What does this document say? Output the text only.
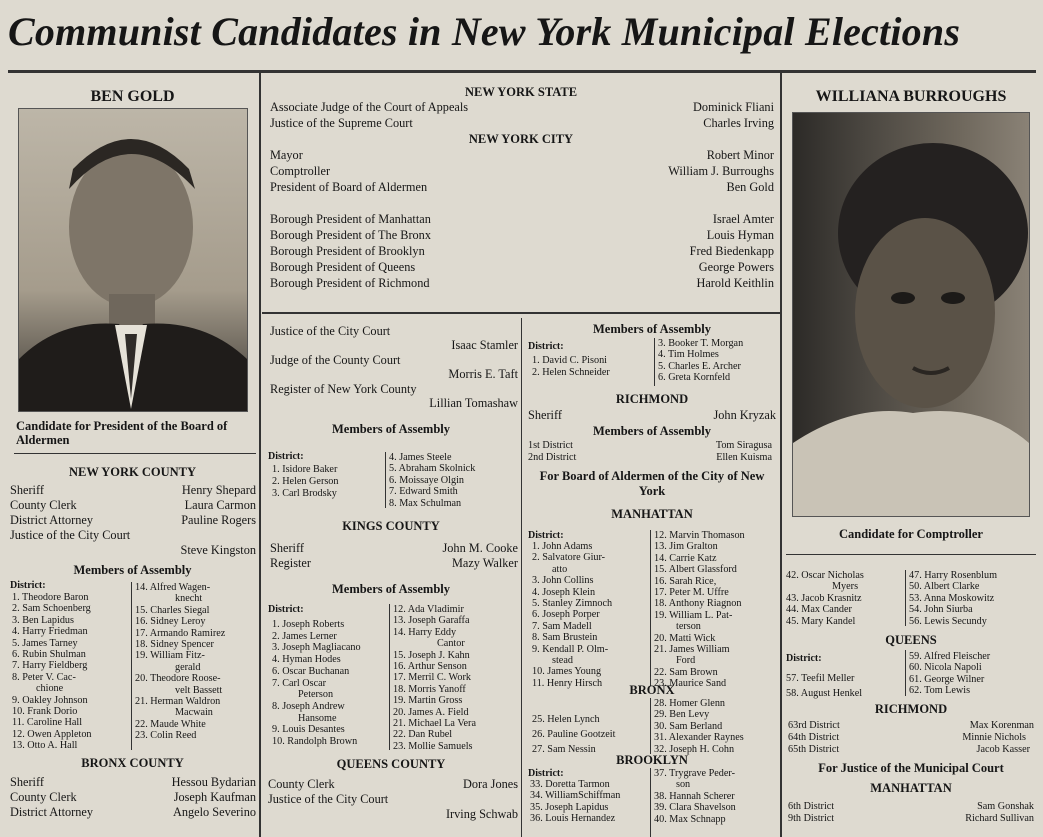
Communist Candidates in New York Municipal Elections
BEN GOLD
Candidate for President of the Board of Aldermen
NEW YORK COUNTY
Sheriff	Henry Shepard
County Clerk	Laura Carmon
District Attorney	Pauline Rogers
Justice of the City Court
Steve Kingston
Members of Assembly
District:
1. Theodore Baron
2. Sam Schoenberg
3. Ben Lapidus
4. Harry Friedman
5. James Tarney
6. Rubin Shulman
7. Harry Fieldberg
8. Peter V. Cac-
chione
9. Oakley Johnson
10. Frank Dorio
11. Caroline Hall
12. Owen Appleton
13. Otto A. Hall
14. Alfred Wagen-
knecht
15. Charles Siegal
16. Sidney Leroy
17. Armando Ramirez
18. Sidney Spencer
19. William Fitz-
gerald
20. Theodore Roose-
velt Bassett
21. Herman Waldron
Macwain
22. Maude White
23. Colin Reed
BRONX COUNTY
Sheriff	Hessou Bydarian
County Clerk	Joseph Kaufman
District Attorney	Angelo Severino
NEW YORK STATE
Associate Judge of the Court of Appeals	Dominick Fliani
Justice of the Supreme Court	Charles Irving
NEW YORK CITY
Mayor	Robert Minor
Comptroller	William J. Burroughs
President of Board of Aldermen	Ben Gold
Borough President of Manhattan	Israel Amter
Borough President of The Bronx	Louis Hyman
Borough President of Brooklyn	Fred Biedenkapp
Borough President of Queens	George Powers
Borough President of Richmond	Harold Keithlin
Justice of the City Court
Isaac Stamler
Judge of the County Court
Morris E. Taft
Register of New York County
Lillian Tomashaw
Members of Assembly
District:
1. Isidore Baker
2. Helen Gerson
3. Carl Brodsky
4. James Steele
5. Abraham Skolnick
6. Moissaye Olgin
7. Edward Smith
8. Max Schulman
KINGS COUNTY
Sheriff	John M. Cooke
Register	Mazy Walker
Members of Assembly
District:
1. Joseph Roberts
2. James Lerner
3. Joseph Magliacano
4. Hyman Hodes
6. Oscar Buchanan
7. Carl Oscar
Peterson
8. Joseph Andrew
Hansome
9. Louis Desantes
10. Randolph Brown
12. Ada Vladimir
13. Joseph Garaffa
14. Harry Eddy
Cantor
15. Joseph J. Kahn
16. Arthur Senson
17. Merril C. Work
18. Morris Yanoff
19. Martin Gross
20. James A. Field
21. Michael La Vera
22. Dan Rubel
23. Mollie Samuels
QUEENS COUNTY
County Clerk	Dora Jones
Justice of the City Court
Irving Schwab
Members of Assembly
District:
1. David C. Pisoni
2. Helen Schneider
3. Booker T. Morgan
4. Tim Holmes
5. Charles E. Archer
6. Greta Kornfeld
RICHMOND
Sheriff	John Kryzak
Members of Assembly
1st District	Tom Siragusa
2nd District	Ellen Kuisma
For Board of Aldermen of the City of New York
MANHATTAN
District:
1. John Adams
2. Salvatore Giur-
atto
3. John Collins
4. Joseph Klein
5. Stanley Zimnoch
6. Joseph Porper
7. Sam Madell
8. Sam Brustein
9. Kendall P. Olm-
stead
10. James Young
11. Henry Hirsch
12. Marvin Thomason
13. Jim Gralton
14. Carrie Katz
15. Albert Glassford
16. Sarah Rice,
17. Peter M. Uffre
18. Anthony Riagnon
19. William L. Pat-
terson
20. Matti Wick
21. James William
Ford
22. Sam Brown
23. Maurice Sand
BRONX
25. Helen Lynch
26. Pauline Gootzeit
27. Sam Nessin
28. Homer Glenn
29. Ben Levy
30. Sam Berland
31. Alexander Raynes
32. Joseph H. Cohn
BROOKLYN
District:
33. Doretta Tarmon
34. WilliamSchiffman
35. Joseph Lapidus
36. Louis Hernandez
37. Trygrave Peder-
son
38. Hannah Scherer
39. Clara Shavelson
40. Max Schnapp
WILLIANA BURROUGHS
Candidate for Comptroller
42. Oscar Nicholas
Myers
43. Jacob Krasnitz
44. Max Cander
45. Mary Kandel
47. Harry Rosenblum
50. Albert Clarke
53. Anna Moskowitz
54. John Siurba
56. Lewis Secundy
QUEENS
District:
57. Teefil Meller
58. August Henkel
59. Alfred Fleischer
60. Nicola Napoli
61. George Wilner
62. Tom Lewis
RICHMOND
63rd District	Max Korenman
64th District	Minnie Nichols
65th District	Jacob Kasser
For Justice of the Municipal Court
MANHATTAN
6th District	Sam Gonshak
9th District	Richard Sullivan
